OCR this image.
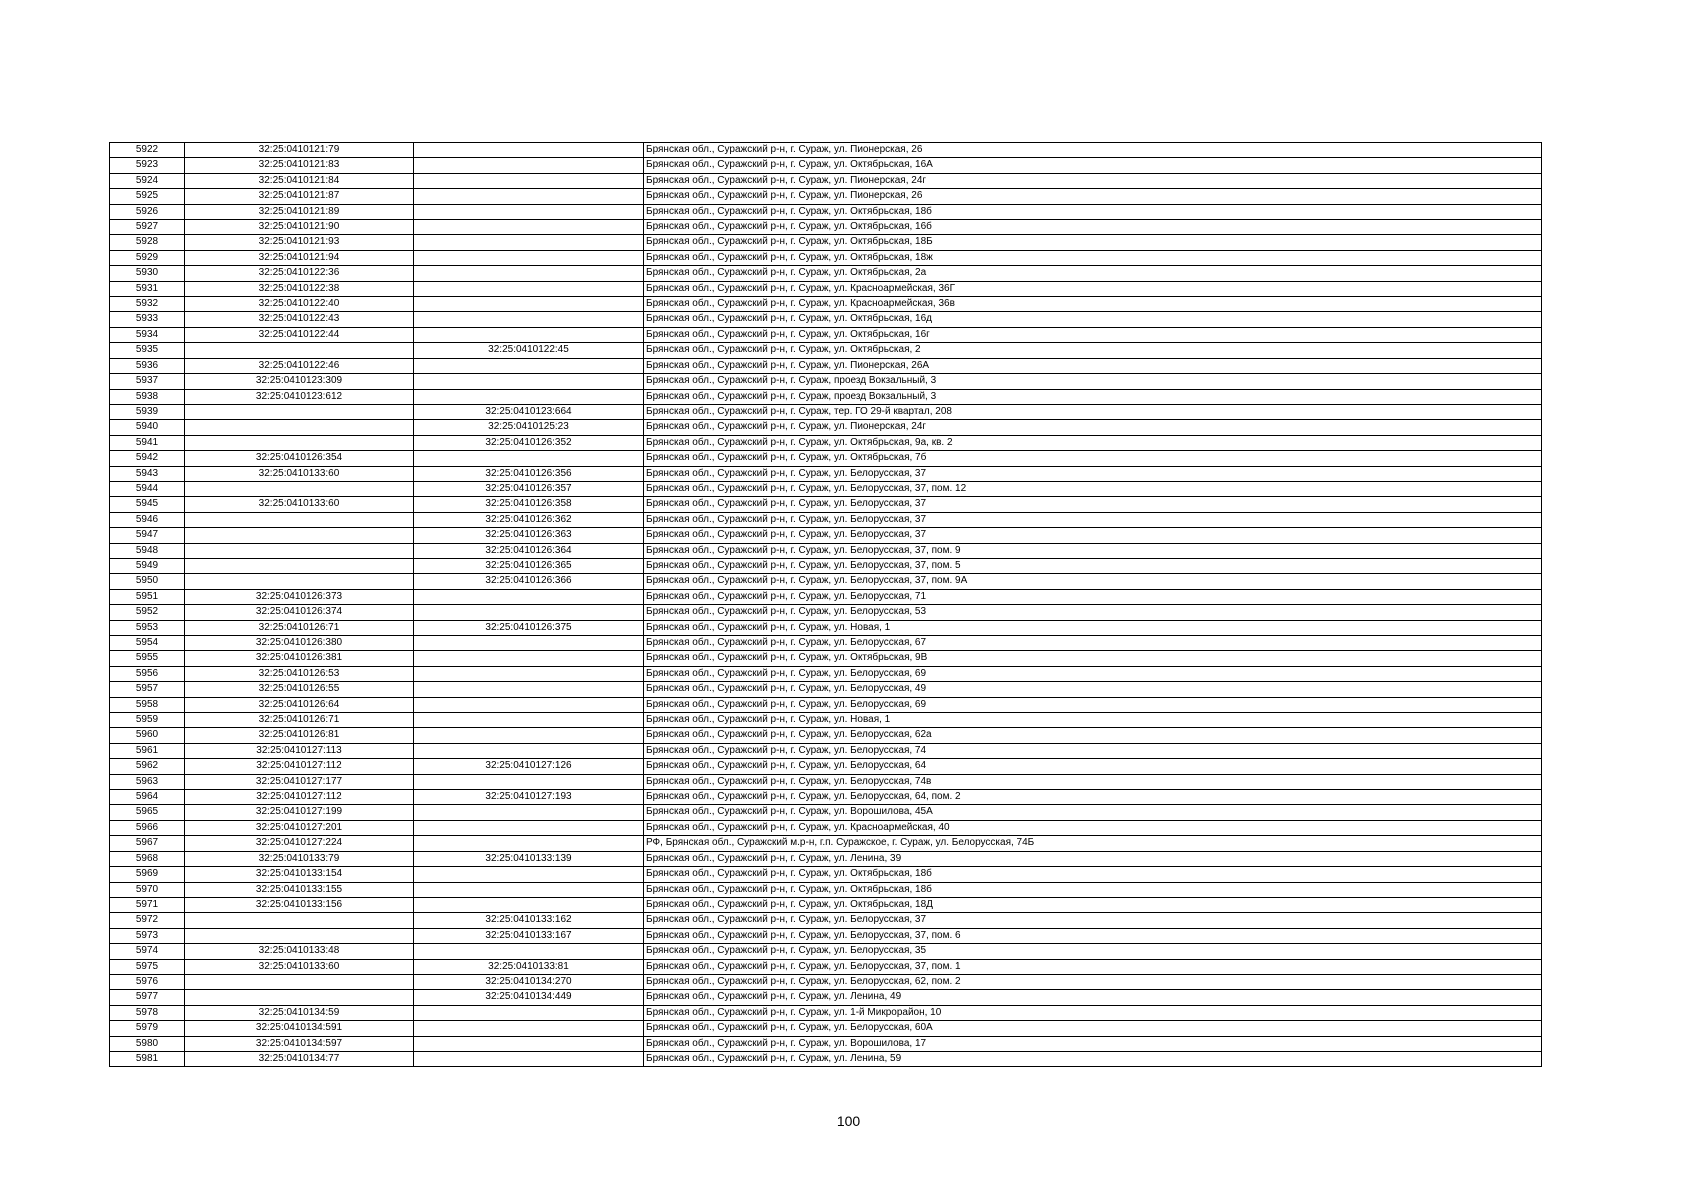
5922	32:25:0410121:79		Брянская обл., Суражский р-н, г. Сураж, ул. Пионерская, 26
5923	32:25:0410121:83		Брянская обл., Суражский р-н, г. Сураж, ул. Октябрьская, 16А
5924	32:25:0410121:84		Брянская обл., Суражский р-н, г. Сураж, ул. Пионерская, 24г
5925	32:25:0410121:87		Брянская обл., Суражский р-н, г. Сураж, ул. Пионерская, 26
5926	32:25:0410121:89		Брянская обл., Суражский р-н, г. Сураж, ул. Октябрьская, 18б
5927	32:25:0410121:90		Брянская обл., Суражский р-н, г. Сураж, ул. Октябрьская, 16б
5928	32:25:0410121:93		Брянская обл., Суражский р-н, г. Сураж, ул. Октябрьская, 18Б
5929	32:25:0410121:94		Брянская обл., Суражский р-н, г. Сураж, ул. Октябрьская, 18ж
5930	32:25:0410122:36		Брянская обл., Суражский р-н, г. Сураж, ул. Октябрьская, 2а
5931	32:25:0410122:38		Брянская обл., Суражский р-н, г. Сураж, ул. Красноармейская, 36Г
5932	32:25:0410122:40		Брянская обл., Суражский р-н, г. Сураж, ул. Красноармейская, 36в
5933	32:25:0410122:43		Брянская обл., Суражский р-н, г. Сураж, ул. Октябрьская, 16д
5934	32:25:0410122:44		Брянская обл., Суражский р-н, г. Сураж, ул. Октябрьская, 16г
5935		32:25:0410122:45	Брянская обл., Суражский р-н, г. Сураж, ул. Октябрьская, 2
5936	32:25:0410122:46		Брянская обл., Суражский р-н, г. Сураж, ул. Пионерская, 26А
5937	32:25:0410123:309		Брянская обл., Суражский р-н, г. Сураж, проезд Вокзальный, 3
5938	32:25:0410123:612		Брянская обл., Суражский р-н, г. Сураж, проезд Вокзальный, 3
5939		32:25:0410123:664	Брянская обл., Суражский р-н, г. Сураж, тер. ГО 29-й квартал, 208
5940		32:25:0410125:23	Брянская обл., Суражский р-н, г. Сураж, ул. Пионерская, 24г
5941		32:25:0410126:352	Брянская обл., Суражский р-н, г. Сураж, ул. Октябрьская, 9а, кв. 2
5942	32:25:0410126:354		Брянская обл., Суражский р-н, г. Сураж, ул. Октябрьская, 7б
5943	32:25:0410133:60	32:25:0410126:356	Брянская обл., Суражский р-н, г. Сураж, ул. Белорусская, 37
5944		32:25:0410126:357	Брянская обл., Суражский р-н, г. Сураж, ул. Белорусская, 37, пом. 12
5945	32:25:0410133:60	32:25:0410126:358	Брянская обл., Суражский р-н, г. Сураж, ул. Белорусская, 37
5946		32:25:0410126:362	Брянская обл., Суражский р-н, г. Сураж, ул. Белорусская, 37
5947		32:25:0410126:363	Брянская обл., Суражский р-н, г. Сураж, ул. Белорусская, 37
5948		32:25:0410126:364	Брянская обл., Суражский р-н, г. Сураж, ул. Белорусская, 37, пом. 9
5949		32:25:0410126:365	Брянская обл., Суражский р-н, г. Сураж, ул. Белорусская, 37, пом. 5
5950		32:25:0410126:366	Брянская обл., Суражский р-н, г. Сураж, ул. Белорусская, 37, пом. 9А
5951	32:25:0410126:373		Брянская обл., Суражский р-н, г. Сураж, ул. Белорусская, 71
5952	32:25:0410126:374		Брянская обл., Суражский р-н, г. Сураж, ул. Белорусская, 53
5953	32:25:0410126:71	32:25:0410126:375	Брянская обл., Суражский р-н, г. Сураж, ул. Новая, 1
5954	32:25:0410126:380		Брянская обл., Суражский р-н, г. Сураж, ул. Белорусская, 67
5955	32:25:0410126:381		Брянская обл., Суражский р-н, г. Сураж, ул. Октябрьская, 9В
5956	32:25:0410126:53		Брянская обл., Суражский р-н, г. Сураж, ул. Белорусская, 69
5957	32:25:0410126:55		Брянская обл., Суражский р-н, г. Сураж, ул. Белорусская, 49
5958	32:25:0410126:64		Брянская обл., Суражский р-н, г. Сураж, ул. Белорусская, 69
5959	32:25:0410126:71		Брянская обл., Суражский р-н, г. Сураж, ул. Новая, 1
5960	32:25:0410126:81		Брянская обл., Суражский р-н, г. Сураж, ул. Белорусская, 62а
5961	32:25:0410127:113		Брянская обл., Суражский р-н, г. Сураж, ул. Белорусская, 74
5962	32:25:0410127:112	32:25:0410127:126	Брянская обл., Суражский р-н, г. Сураж, ул. Белорусская, 64
5963	32:25:0410127:177		Брянская обл., Суражский р-н, г. Сураж, ул. Белорусская, 74в
5964	32:25:0410127:112	32:25:0410127:193	Брянская обл., Суражский р-н, г. Сураж, ул. Белорусская, 64, пом. 2
5965	32:25:0410127:199		Брянская обл., Суражский р-н, г. Сураж, ул. Ворошилова, 45А
5966	32:25:0410127:201		Брянская обл., Суражский р-н, г. Сураж, ул. Красноармейская, 40
5967	32:25:0410127:224		РФ, Брянская обл., Суражский м.р-н, г.п. Суражское, г. Сураж, ул. Белорусская, 74Б
5968	32:25:0410133:79	32:25:0410133:139	Брянская обл., Суражский р-н, г. Сураж, ул. Ленина, 39
5969	32:25:0410133:154		Брянская обл., Суражский р-н, г. Сураж, ул. Октябрьская, 18б
5970	32:25:0410133:155		Брянская обл., Суражский р-н, г. Сураж, ул. Октябрьская, 18б
5971	32:25:0410133:156		Брянская обл., Суражский р-н, г. Сураж, ул. Октябрьская, 18Д
5972		32:25:0410133:162	Брянская обл., Суражский р-н, г. Сураж, ул. Белорусская, 37
5973		32:25:0410133:167	Брянская обл., Суражский р-н, г. Сураж, ул. Белорусская, 37, пом. 6
5974	32:25:0410133:48		Брянская обл., Суражский р-н, г. Сураж, ул. Белорусская, 35
5975	32:25:0410133:60	32:25:0410133:81	Брянская обл., Суражский р-н, г. Сураж, ул. Белорусская, 37, пом. 1
5976		32:25:0410134:270	Брянская обл., Суражский р-н, г. Сураж, ул. Белорусская, 62, пом. 2
5977		32:25:0410134:449	Брянская обл., Суражский р-н, г. Сураж, ул. Ленина, 49
5978	32:25:0410134:59		Брянская обл., Суражский р-н, г. Сураж, ул. 1-й Микрорайон, 10
5979	32:25:0410134:591		Брянская обл., Суражский р-н, г. Сураж, ул. Белорусская, 60А
5980	32:25:0410134:597		Брянская обл., Суражский р-н, г. Сураж, ул. Ворошилова, 17
5981	32:25:0410134:77		Брянская обл., Суражский р-н, г. Сураж, ул. Ленина, 59
100
